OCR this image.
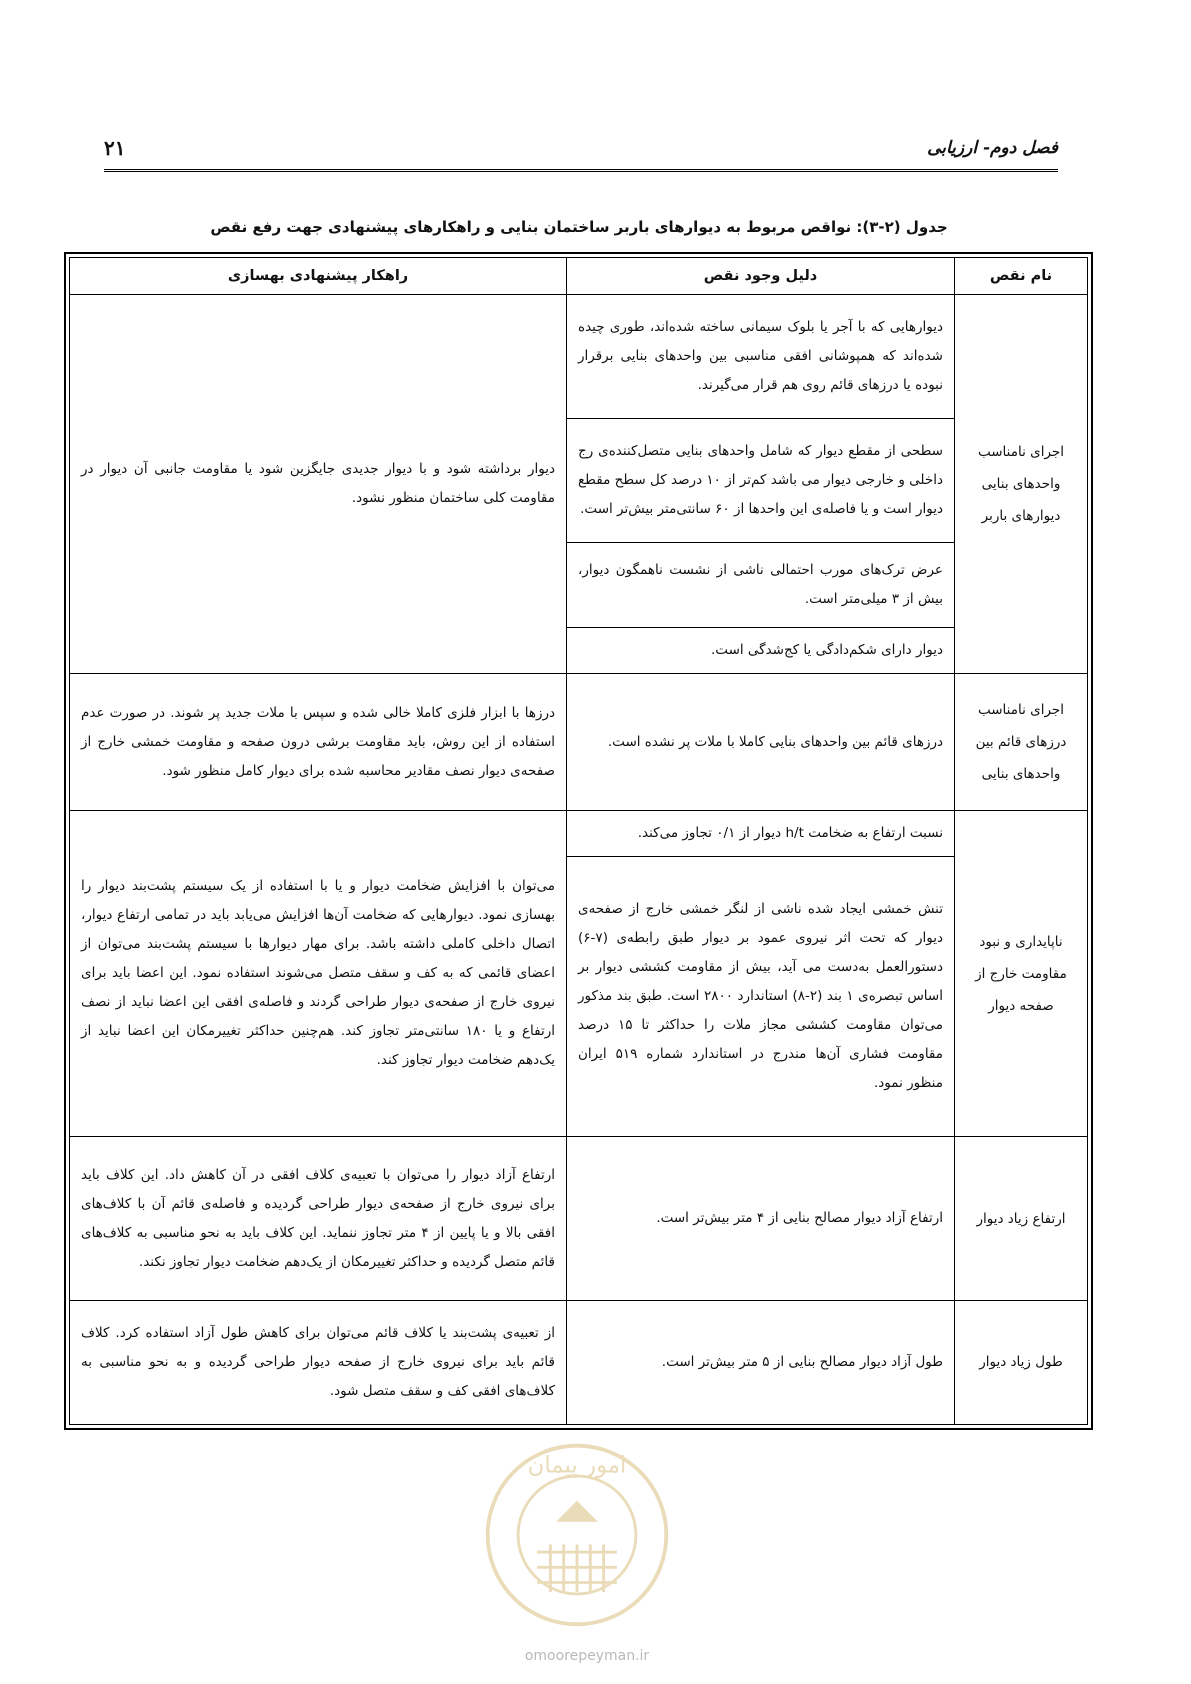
فصل دوم- ارزیابی
۲۱
جدول (۲-۳): نواقص مربوط به دیوارهای باربر ساختمان بنایی و راهکارهای پیشنهادی جهت رفع نقص
نام نقص	دلیل وجود نقص	راهکار پیشنهادی بهسازی
اجرای نامناسب واحدهای بنایی دیوارهای باربر	دیوارهایی که با آجر یا بلوک سیمانی ساخته شده‌اند، طوری چیده شده‌اند که همپوشانی افقی مناسبی بین واحدهای بنایی برقرار نبوده یا درزهای قائم روی هم قرار می‌گیرند.	دیوار برداشته شود و با دیوار جدیدی جایگزین شود یا مقاومت جانبی آن دیوار در مقاومت کلی ساختمان منظور نشود.
	سطحی از مقطع دیوار که شامل واحدهای بنایی متصل‌کننده‌ی رج داخلی و خارجی دیوار می باشد کم‌تر از ۱۰ درصد کل سطح مقطع دیوار است و یا فاصله‌ی این واحدها از ۶۰ سانتی‌متر بیش‌تر است.	
	عرض ترک‌های مورب احتمالی ناشی از نشست ناهمگون دیوار، بیش از ۳ میلی‌متر است.	
	دیوار دارای شکم‌دادگی یا کج‌شدگی است.	
اجرای نامناسب درزهای قائم بین واحدهای بنایی	درزهای قائم بین واحدهای بنایی کاملا با ملات پر نشده است.	درزها با ابزار فلزی کاملا خالی شده و سپس با ملات جدید پر شوند. در صورت عدم استفاده از این روش، باید مقاومت برشی درون صفحه و مقاومت خمشی خارج از صفحه‌ی دیوار نصف مقادیر محاسبه شده برای دیوار کامل منظور شود.
ناپایداری و نبود مقاومت خارج از صفحه دیوار	نسبت ارتفاع به ضخامت h/t دیوار از ۰/۱ تجاوز می‌کند.	می‌توان با افزایش ضخامت دیوار و یا با استفاده از یک سیستم پشت‌بند دیوار را بهسازی نمود. دیوارهایی که ضخامت آن‌ها افزایش می‌یابد باید در تمامی ارتفاع دیوار، اتصال داخلی کاملی داشته باشد. برای مهار دیوارها با سیستم پشت‌بند می‌توان از اعضای قائمی که به کف و سقف متصل می‌شوند استفاده نمود. این اعضا باید برای نیروی خارج از صفحه‌ی دیوار طراحی گردند و فاصله‌ی افقی این اعضا نباید از نصف ارتفاع و یا ۱۸۰ سانتی‌متر تجاوز کند. هم‌چنین حداکثر تغییرمکان این اعضا نباید از یک‌دهم ضخامت دیوار تجاوز کند.
	تنش خمشی ایجاد شده ناشی از لنگر خمشی خارج از صفحه‌ی دیوار که تحت اثر نیروی عمود بر دیوار طبق رابطه‌ی (۷-۶) دستورالعمل به‌دست می آید، بیش از مقاومت کششی دیوار بر اساس تبصره‌ی ۱ بند (۲-۸) استاندارد ۲۸۰۰ است. طبق بند مذکور می‌توان مقاومت کششی مجاز ملات را حداکثر تا ۱۵ درصد مقاومت فشاری آن‌ها مندرج در استاندارد شماره ۵۱۹ ایران منظور نمود.	
ارتفاع زیاد دیوار	ارتفاع آزاد دیوار مصالح بنایی از ۴ متر بیش‌تر است.	ارتفاع آزاد دیوار را می‌توان با تعبیه‌ی کلاف افقی در آن کاهش داد. این کلاف باید برای نیروی خارج از صفحه‌ی دیوار طراحی گردیده و فاصله‌ی قائم آن با کلاف‌های افقی بالا و یا پایین از ۴ متر تجاوز ننماید. این کلاف باید به نحو مناسبی به کلاف‌های قائم متصل گردیده و حداکثر تغییرمکان از یک‌دهم ضخامت دیوار تجاوز نکند.
طول زیاد دیوار	طول آزاد دیوار مصالح بنایی از ۵ متر بیش‌تر است.	از تعبیه‌ی پشت‌بند یا کلاف قائم می‌توان برای کاهش طول آزاد استفاده کرد. کلاف قائم باید برای نیروی خارج از صفحه دیوار طراحی گردیده و به نحو مناسبی به کلاف‌های افقی کف و سقف متصل شود.
امور پیمان
omoorepeyman.ir
